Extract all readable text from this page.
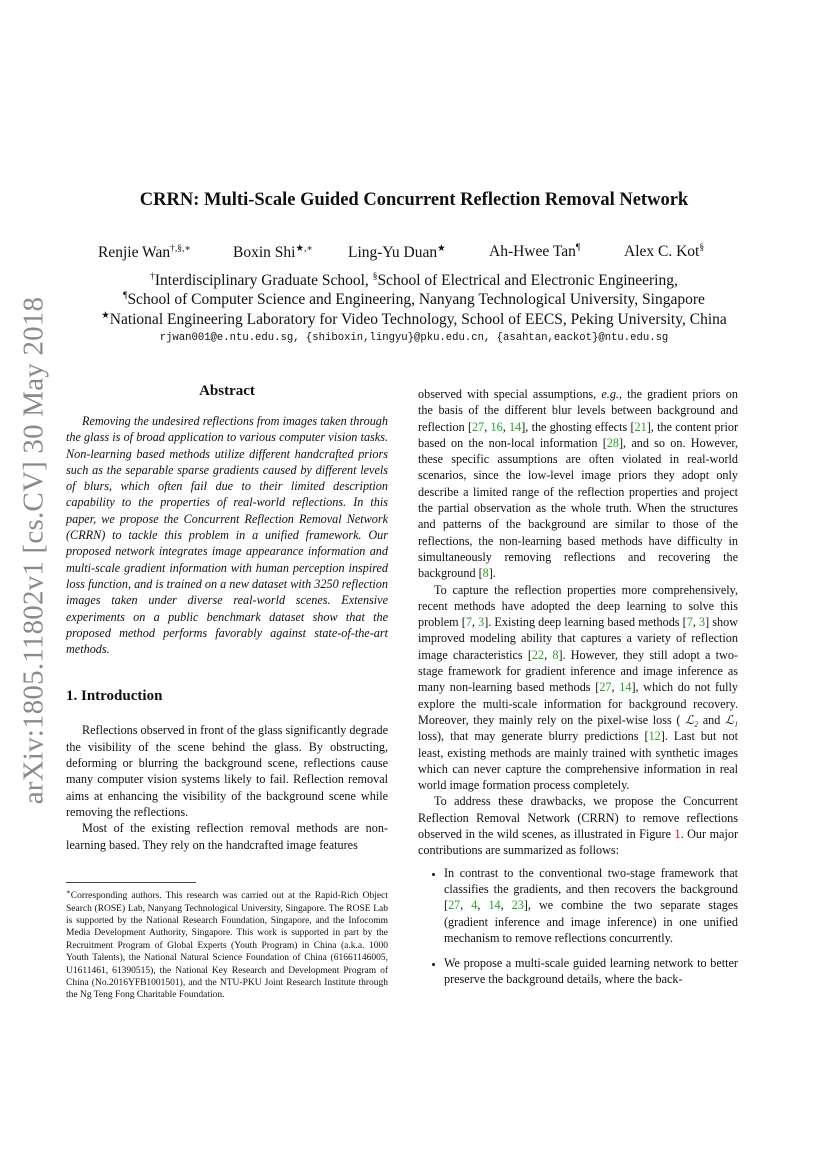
arXiv:1805.11802v1 [cs.CV] 30 May 2018
CRRN: Multi-Scale Guided Concurrent Reflection Removal Network
Renjie Wan†,§,∗	Boxin Shi★,∗ Ling-Yu Duan★	Ah-Hwee Tan¶	Alex C. Kot§
†Interdisciplinary Graduate School, §School of Electrical and Electronic Engineering,
¶School of Computer Science and Engineering, Nanyang Technological University, Singapore
★National Engineering Laboratory for Video Technology, School of EECS, Peking University, China
rjwan001@e.ntu.edu.sg, {shiboxin,lingyu}@pku.edu.cn, {asahtan,eackot}@ntu.edu.sg
Abstract

Removing the undesired reflections from images taken through the glass is of broad application to various computer vision tasks. Non-learning based methods utilize different handcrafted priors such as the separable sparse gradients caused by different levels of blurs, which often fail due to their limited description capability to the properties of real-world reflections. In this paper, we propose the Concurrent Reflection Removal Network (CRRN) to tackle this problem in a unified framework. Our proposed network integrates image appearance information and multi-scale gradient information with human perception inspired loss function, and is trained on a new dataset with 3250 reflection images taken under diverse real-world scenes. Extensive experiments on a public benchmark dataset show that the proposed method performs favorably against state-of-the-art methods.

1. Introduction

Reflections observed in front of the glass significantly degrade the visibility of the scene behind the glass. By obstructing, deforming or blurring the background scene, reflections cause many computer vision systems likely to fail. Reflection removal aims at enhancing the visibility of the background scene while removing the reflections.

Most of the existing reflection removal methods are non-learning based. They rely on the handcrafted image features

∗Corresponding authors. This research was carried out at the Rapid-Rich Object Search (ROSE) Lab, Nanyang Technological University, Singapore. The ROSE Lab is supported by the National Research Foundation, Singapore, and the Infocomm Media Development Authority, Singapore. This work is supported in part by the Recruitment Program of Global Experts (Youth Program) in China (a.k.a. 1000 Youth Talents), the National Natural Science Foundation of China (61661146005, U1611461, 61390515), the National Key Research and Development Program of China (No.2016YFB1001501), and the NTU-PKU Joint Research Institute through the Ng Teng Fong Charitable Foundation.

observed with special assumptions, e.g., the gradient priors on the basis of the different blur levels between background and reflection [27, 16, 14], the ghosting effects [21], the content prior based on the non-local information [28], and so on. However, these specific assumptions are often violated in real-world scenarios, since the low-level image priors they adopt only describe a limited range of the reflection properties and project the partial observation as the whole truth. When the structures and patterns of the background are similar to those of the reflections, the non-learning based methods have difficulty in simultaneously removing reflections and recovering the background [8].

To capture the reflection properties more comprehensively, recent methods have adopted the deep learning to solve this problem [7, 3]. Existing deep learning based methods [7, 3] show improved modeling ability that captures a variety of reflection image characteristics [22, 8]. However, they still adopt a two-stage framework for gradient inference and image inference as many non-learning based methods [27, 14], which do not fully explore the multi-scale information for background recovery. Moreover, they mainly rely on the pixel-wise loss ( ℒ₂ and ℒ₁ loss), that may generate blurry predictions [12]. Last but not least, existing methods are mainly trained with synthetic images which can never capture the comprehensive information in real world image formation process completely.

To address these drawbacks, we propose the Concurrent Reflection Removal Network (CRRN) to remove reflections observed in the wild scenes, as illustrated in Figure 1. Our major contributions are summarized as follows:

• In contrast to the conventional two-stage framework that classifies the gradients, and then recovers the background [27, 4, 14, 23], we combine the two separate stages (gradient inference and image inference) in one unified mechanism to remove reflections concurrently.
• We propose a multi-scale guided learning network to better preserve the background details, where the back-
